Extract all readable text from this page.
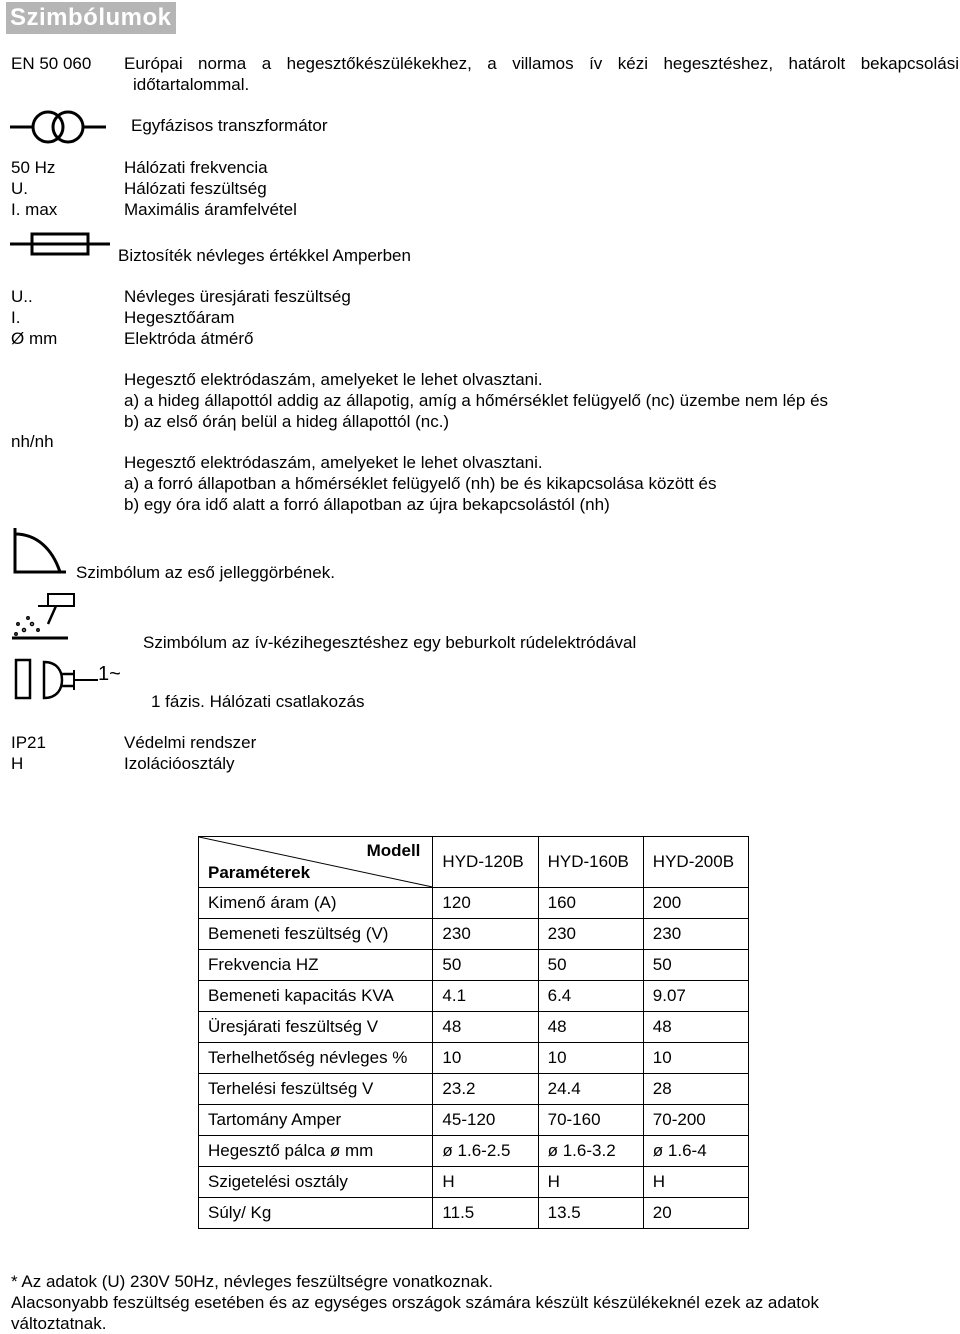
Szimbólumok
EN 50 060 Európai norma a hegesztőkészülékekhez, a villamos ív kézi hegesztéshez, határolt bekapcsolási
időtartalommal.
Egyfázisos transzformátor
50 Hz	Hálózati frekvencia
U.	Hálózati feszültség
I. max	Maximális áramfelvétel
Biztosíték névleges értékkel Amperben
U..	Névleges üresjárati feszültség
I.	Hegesztőáram
Ø mm	Elektróda átmérő
nh/nh
Hegesztő elektródaszám, amelyeket le lehet olvasztani.
a) a hideg állapottól addig az állapotig, amíg a hőmérséklet felügyelő (nc) üzembe nem lép és
b) az első óráη belül a hideg állapottól (nc.)
Hegesztő elektródaszám, amelyeket le lehet olvasztani.
a) a forró állapotban a hőmérséklet felügyelő (nh) be és kikapcsolása között és
b) egy óra idő alatt a forró állapotban az újra bekapcsolástól (nh)
Szimbólum az eső jelleggörbének.
Szimbólum az ív-kézihegesztéshez egy beburkolt rúdelektródával
1~
1 fázis. Hálózati csatlakozás
IP21	Védelmi rendszer
H	Izolációosztály
Modell
Paraméterek	HYD-120B	HYD-160B	HYD-200B
Kimenő áram (A)	120	160	200
Bemeneti feszültség (V)	230	230	230
Frekvencia HZ	50	50	50
Bemeneti kapacitás KVA	4.1	6.4	9.07
Üresjárati feszültség V	48	48	48
Terhelhetőség névleges %	10	10	10
Terhelési feszültség V	23.2	24.4	28
Tartomány Amper	45-120	70-160	70-200
Hegesztő pálca ø mm	ø 1.6-2.5	ø 1.6-3.2	ø 1.6-4
Szigetelési osztály	H	H	H
Súly/ Kg	11.5	13.5	20
* Az adatok (U) 230V 50Hz, névleges feszültségre vonatkoznak.
Alacsonyabb feszültség esetében és az egységes országok számára készült készülékeknél ezek az adatok
változtatnak.
